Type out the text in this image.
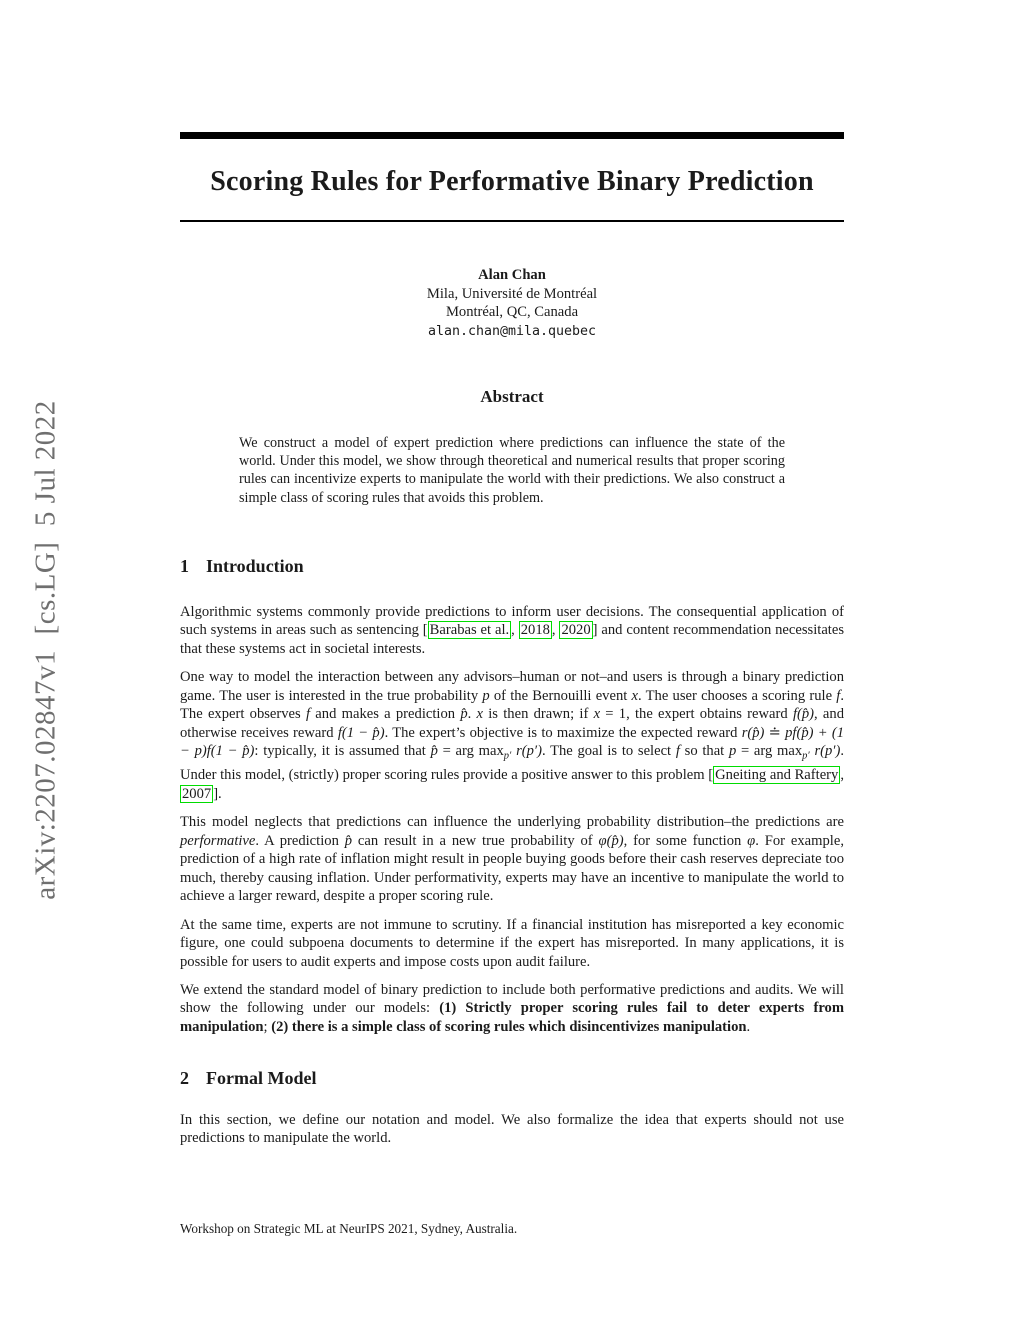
arXiv:2207.02847v1  [cs.LG]  5 Jul 2022
Scoring Rules for Performative Binary Prediction
Alan Chan
Mila, Université de Montréal
Montréal, QC, Canada
alan.chan@mila.quebec
Abstract

We construct a model of expert prediction where predictions can influence the state of the world. Under this model, we show through theoretical and numerical results that proper scoring rules can incentivize experts to manipulate the world with their predictions. We also construct a simple class of scoring rules that avoids this problem.

1 Introduction

Algorithmic systems commonly provide predictions to inform user decisions. The consequential application of such systems in areas such as sentencing [ Barabas et al. , 2018 , 2020 ] and content recommendation necessitates that these systems act in societal interests.

One way to model the interaction between any advisors–human or not–and users is through a binary prediction game. The user is interested in the true probability p of the Bernouilli event x. The user chooses a scoring rule f. The expert observes f and makes a prediction p̂. x is then drawn; if x = 1, the expert obtains reward f(p̂), and otherwise receives reward f(1 − p̂). The expert’s objective is to maximize the expected reward r(p̂) ≐ pf(p̂) + (1 − p)f(1 − p̂): typically, it is assumed that p̂ = arg $\max_{p'} r(p')$. The goal is to select f so that p = arg $\max_{p'} r(p')$. Under this model, (strictly) proper scoring rules provide a positive answer to this problem [ Gneiting and Raftery , 2007 ].

This model neglects that predictions can influence the underlying probability distribution–the predictions are performative. A prediction p̂ can result in a new true probability of φ(p̂), for some function φ. For example, prediction of a high rate of inflation might result in people buying goods before their cash reserves depreciate too much, thereby causing inflation. Under performativity, experts may have an incentive to manipulate the world to achieve a larger reward, despite a proper scoring rule.

At the same time, experts are not immune to scrutiny. If a financial institution has misreported a key economic figure, one could subpoena documents to determine if the expert has misreported. In many applications, it is possible for users to audit experts and impose costs upon audit failure.

We extend the standard model of binary prediction to include both performative predictions and audits. We will show the following under our models: (1) Strictly proper scoring rules fail to deter experts from manipulation; (2) there is a simple class of scoring rules which disincentivizes manipulation.

2 Formal Model

In this section, we define our notation and model. We also formalize the idea that experts should not use predictions to manipulate the world.

Workshop on Strategic ML at NeurIPS 2021, Sydney, Australia.
